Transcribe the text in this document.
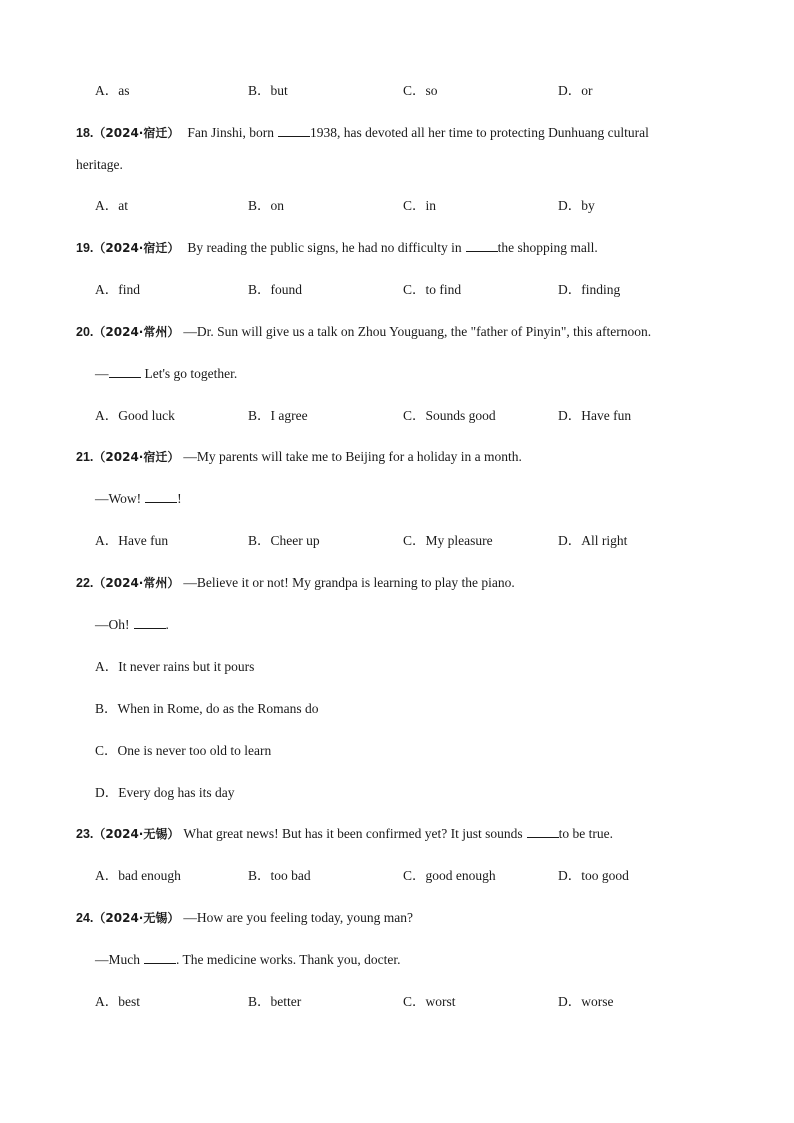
A．as	B．but	C．so	D．or
18.（2024·宿迁） Fan Jinshi, born	1938, has devoted all her time to protecting Dunhuang cultural
heritage.
A．at	B．on	C．in	D．by
19.（2024·宿迁） By reading the public signs, he had no difficulty in	the shopping mall.
A．find	B．found	C．to find	D．finding
20.（2024·常州） —Dr. Sun will give us a talk on Zhou Youguang, the "father of Pinyin", this afternoon.
—	Let's go together.
A．Good luck	B．I agree	C．Sounds good	D．Have fun
21.（2024·宿迁） —My parents will take me to Beijing for a holiday in a month.
—Wow!	!
A．Have fun	B．Cheer up	C．My pleasure	D．All right
22.（2024·常州） —Believe it or not! My grandpa is learning to play the piano.
—Oh!	.
A．It never rains but it pours
B．When in Rome, do as the Romans do
C．One is never too old to learn
D．Every dog has its day
23.（2024·无锡） What great news! But has it been confirmed yet? It just sounds	to be true.
A．bad enough	B．too bad	C．good enough	D．too good
24.（2024·无锡） —How are you feeling today, young man?
—Much	. The medicine works. Thank you, docter.
A．best	B．better	C．worst	D．worse
